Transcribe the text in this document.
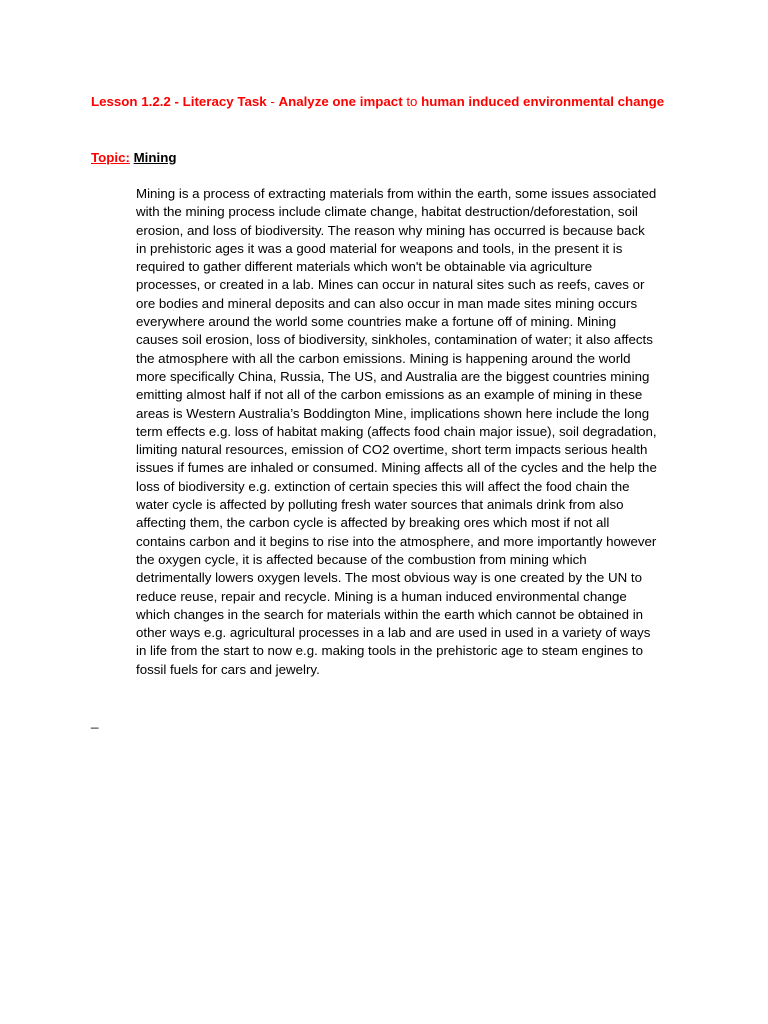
Lesson 1.2.2 - Literacy Task - Analyze one impact to human induced environmental change
Topic: Mining
Mining is a process of extracting materials from within the earth, some issues associated
with the mining process include climate change, habitat destruction/deforestation, soil
erosion, and loss of biodiversity. The reason why mining has occurred is because back
in prehistoric ages it was a good material for weapons and tools, in the present it is
required to gather different materials which won't be obtainable via agriculture
processes, or created in a lab. Mines can occur in natural sites such as reefs, caves or
ore bodies and mineral deposits and can also occur in man made sites mining occurs
everywhere around the world some countries make a fortune off of mining. Mining
causes soil erosion, loss of biodiversity, sinkholes, contamination of water; it also affects
the atmosphere with all the carbon emissions. Mining is happening around the world
more specifically China, Russia, The US, and Australia are the biggest countries mining
emitting almost half if not all of the carbon emissions as an example of mining in these
areas is Western Australia’s Boddington Mine, implications shown here include the long
term effects e.g. loss of habitat making (affects food chain major issue), soil degradation,
limiting natural resources, emission of CO2 overtime, short term impacts serious health
issues if fumes are inhaled or consumed. Mining affects all of the cycles and the help the
loss of biodiversity e.g. extinction of certain species this will affect the food chain the
water cycle is affected by polluting fresh water sources that animals drink from also
affecting them, the carbon cycle is affected by breaking ores which most if not all
contains carbon and it begins to rise into the atmosphere, and more importantly however
the oxygen cycle, it is affected because of the combustion from mining which
detrimentally lowers oxygen levels. The most obvious way is one created by the UN to
reduce reuse, repair and recycle. Mining is a human induced environmental change
which changes in the search for materials within the earth which cannot be obtained in
other ways e.g. agricultural processes in a lab and are used in used in a variety of ways
in life from the start to now e.g. making tools in the prehistoric age to steam engines to
fossil fuels for cars and jewelry.
_
